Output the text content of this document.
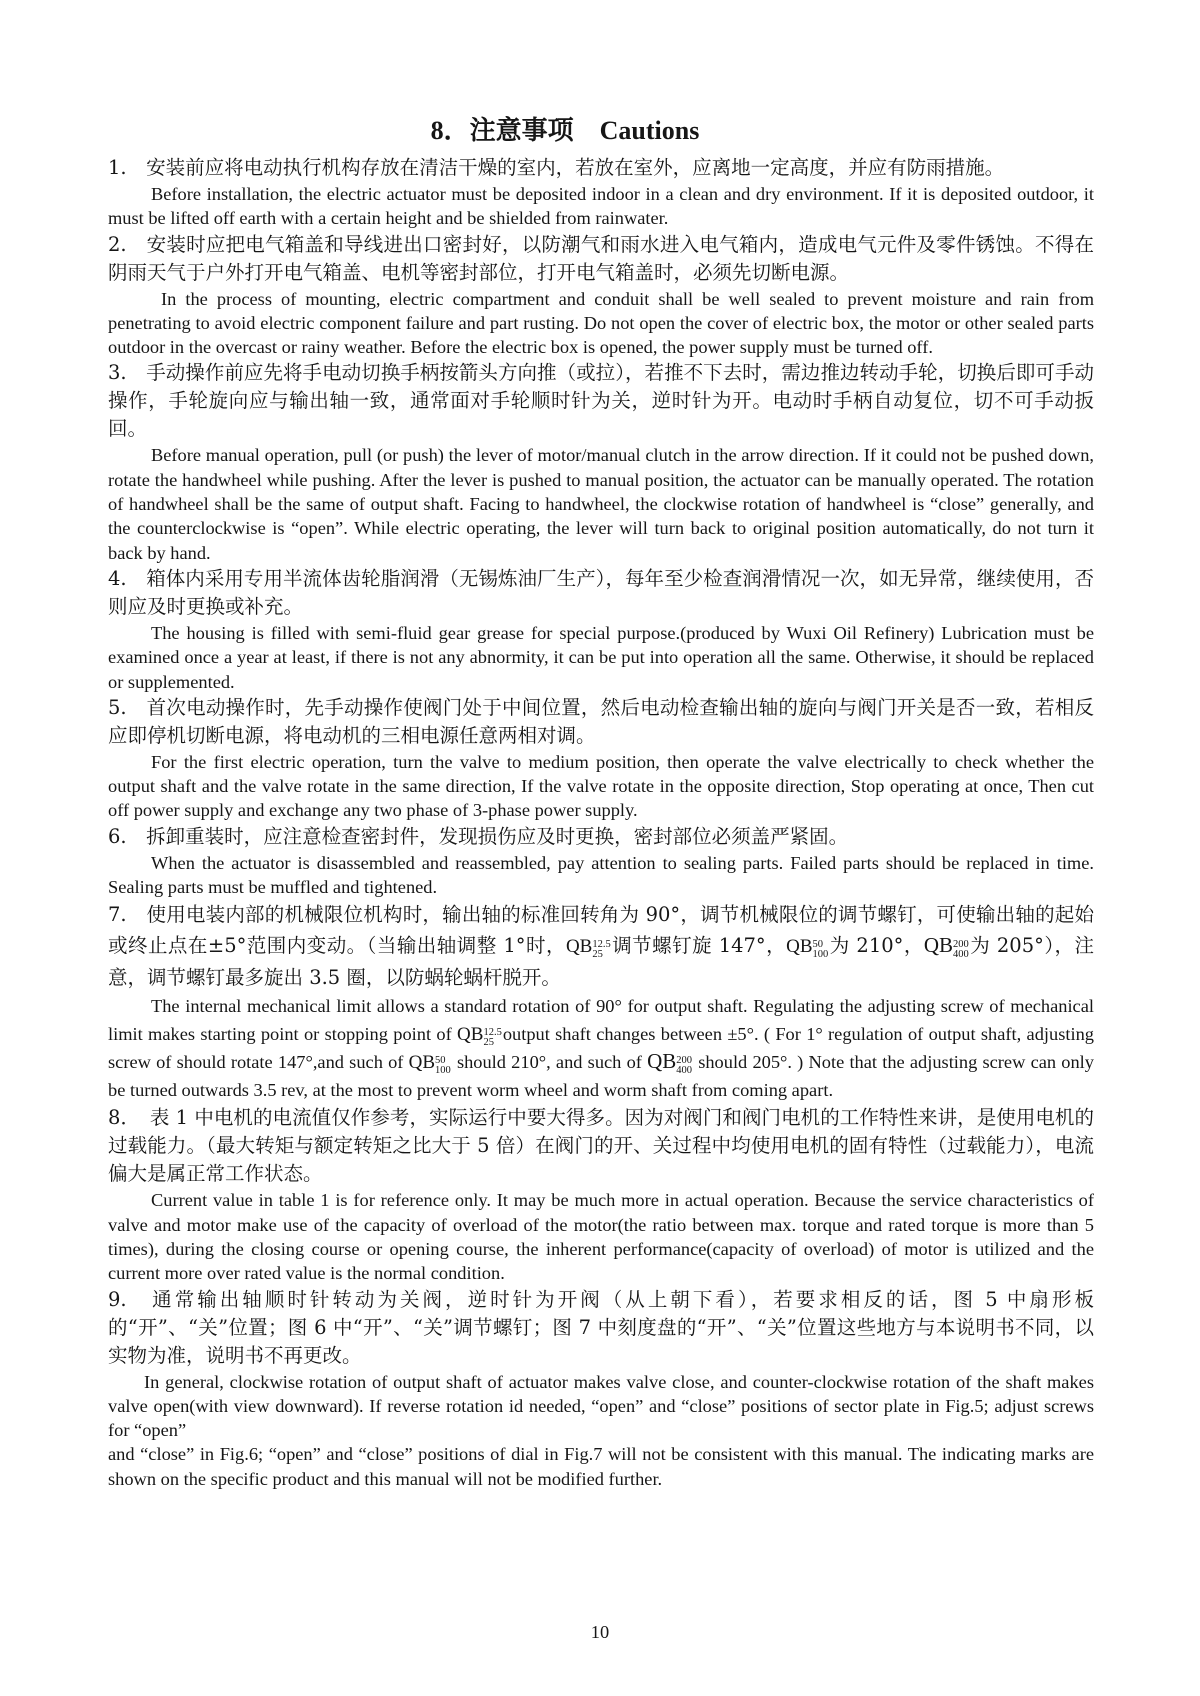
8．注意事项　Cautions

1.　安装前应将电动执行机构存放在清洁干燥的室内，若放在室外，应离地一定高度，并应有防雨措施。

Before installation, the electric actuator must be deposited indoor in a clean and dry environment. If it is deposited outdoor, it must be lifted off earth with a certain height and be shielded from rainwater.

2.　安装时应把电气箱盖和导线进出口密封好，以防潮气和雨水进入电气箱内，造成电气元件及零件锈蚀。不得在阴雨天气于户外打开电气箱盖、电机等密封部位，打开电气箱盖时，必须先切断电源。

In the process of mounting, electric compartment and conduit shall be well sealed to prevent moisture and rain from penetrating to avoid electric component failure and part rusting. Do not open the cover of electric box, the motor or other sealed parts outdoor in the overcast or rainy weather. Before the electric box is opened, the power supply must be turned off.

3.　手动操作前应先将手电动切换手柄按箭头方向推（或拉），若推不下去时，需边推边转动手轮，切换后即可手动操作，手轮旋向应与输出轴一致，通常面对手轮顺时针为关，逆时针为开。电动时手柄自动复位，切不可手动扳回。

Before manual operation, pull (or push) the lever of motor/manual clutch in the arrow direction. If it could not be pushed down, rotate the handwheel while pushing. After the lever is pushed to manual position, the actuator can be manually operated. The rotation of handwheel shall be the same of output shaft. Facing to handwheel, the clockwise rotation of handwheel is “close” generally, and the counterclockwise is “open”. While electric operating, the lever will turn back to original position automatically, do not turn it back by hand.

4.　箱体内采用专用半流体齿轮脂润滑（无锡炼油厂生产），每年至少检查润滑情况一次，如无异常，继续使用，否则应及时更换或补充。

The housing is filled with semi-fluid gear grease for special purpose.(produced by Wuxi Oil Refinery) Lubrication must be examined once a year at least, if there is not any abnormity, it can be put into operation all the same. Otherwise, it should be replaced or supplemented.

5.　首次电动操作时，先手动操作使阀门处于中间位置，然后电动检查输出轴的旋向与阀门开关是否一致，若相反应即停机切断电源，将电动机的三相电源任意两相对调。

For the first electric operation, turn the valve to medium position, then operate the valve electrically to check whether the output shaft and the valve rotate in the same direction, If the valve rotate in the opposite direction, Stop operating at once, Then cut off power supply and exchange any two phase of 3-phase power supply.

6.　拆卸重装时，应注意检查密封件，发现损伤应及时更换，密封部位必须盖严紧固。

When the actuator is disassembled and reassembled, pay attention to sealing parts. Failed parts should be replaced in time. Sealing parts must be muffled and tightened.

7.　使用电装内部的机械限位机构时，输出轴的标准回转角为 90°，调节机械限位的调节螺钉，可使输出轴的起始或终止点在±5°范围内变动。（当输出轴调整 1°时，QB 12.5
25 调节螺钉旋 147°，QB 50
100 为 210°，QB 200
400 为 205°），注意，调节螺钉最多旋出 3.5 圈，以防蜗轮蜗杆脱开。

The internal mechanical limit allows a standard rotation of 90° for output shaft. Regulating the adjusting screw of mechanical limit makes starting point or stopping point of QB 12.5
25 output shaft changes between ±5°. ( For 1° regulation of output shaft, adjusting screw of should rotate 147°,and such of QB 50
100 should 210°, and such of QB 200
400 should 205°. ) Note that the adjusting screw can only be turned outwards 3.5 rev, at the most to prevent worm wheel and worm shaft from coming apart.

8．　表 1 中电机的电流值仅作参考，实际运行中要大得多。因为对阀门和阀门电机的工作特性来讲，是使用电机的过载能力。（最大转矩与额定转矩之比大于 5 倍）在阀门的开、关过程中均使用电机的固有特性（过载能力），电流偏大是属正常工作状态。

Current value in table 1 is for reference only. It may be much more in actual operation. Because the service characteristics of valve and motor make use of the capacity of overload of the motor(the ratio between max. torque and rated torque is more than 5 times), during the closing course or opening course, the inherent performance(capacity of overload) of motor is utilized and the current more over rated value is the normal condition.

9.　通常输出轴顺时针转动为关阀，逆时针为开阀（从上朝下看），若要求相反的话，图 5 中扇形板的“开”、“关”位置；图 6 中“开”、“关”调节螺钉；图 7 中刻度盘的“开”、“关”位置这些地方与本说明书不同，以实物为准，说明书不再更改。

In general, clockwise rotation of output shaft of actuator makes valve close, and counter-clockwise rotation of the shaft makes valve open(with view downward). If reverse rotation id needed, “open” and “close” positions of sector plate in Fig.5; adjust screws for “open”

and “close” in Fig.6; “open” and “close” positions of dial in Fig.7 will not be consistent with this manual. The indicating marks are shown on the specific product and this manual will not be modified further.

10
